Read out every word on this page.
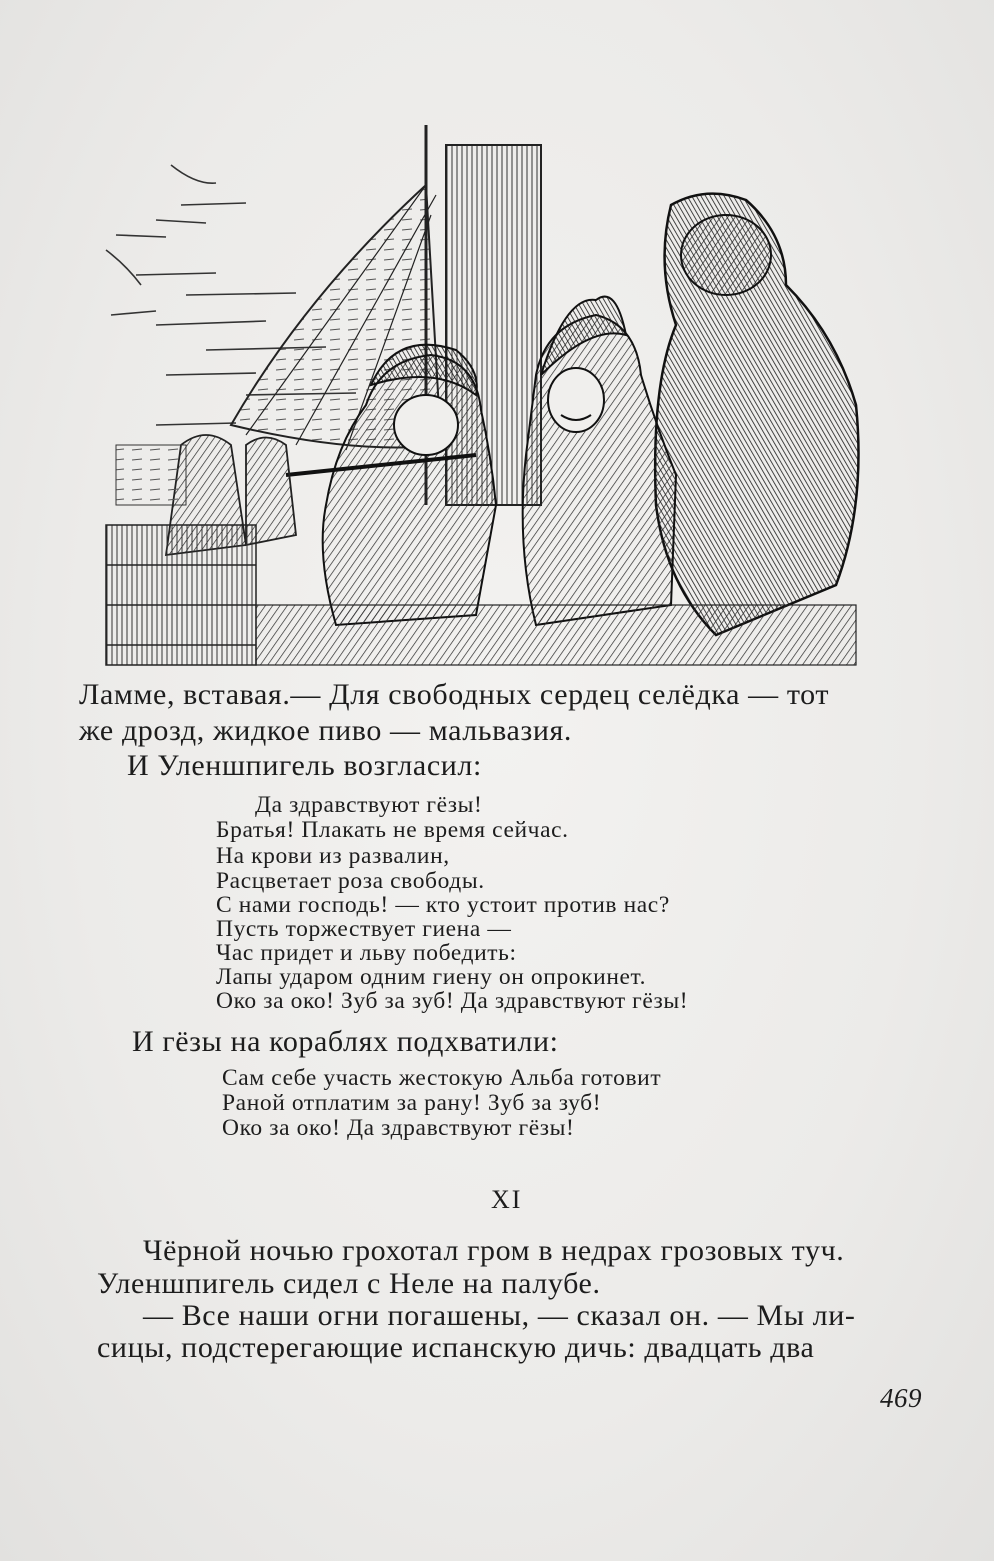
Ламме, вставая.— Для свободных сердец селёдка — тот

же дрозд, жидкое пиво — мальвазия.

И Уленшпигель возгласил:

Да здравствуют гёзы!

Братья! Плакать не время сейчас.

На крови из развалин,

Расцветает роза свободы.

С нами господь! — кто устоит против нас?

Пусть торжествует гиена —

Час придет и льву победить:

Лапы ударом одним гиену он опрокинет.

Око за око! Зуб за зуб! Да здравствуют гёзы!

И гёзы на кораблях подхватили:

Сам себе участь жестокую Альба готовит

Раной отплатим за рану! Зуб за зуб!

Око за око! Да здравствуют гёзы!

XI

Чёрной ночью грохотал гром в недрах грозовых туч.

Уленшпигель сидел с Неле на палубе.

— Все наши огни погашены, — сказал он. — Мы ли-

сицы, подстерегающие испанскую дичь: двадцать два

469
